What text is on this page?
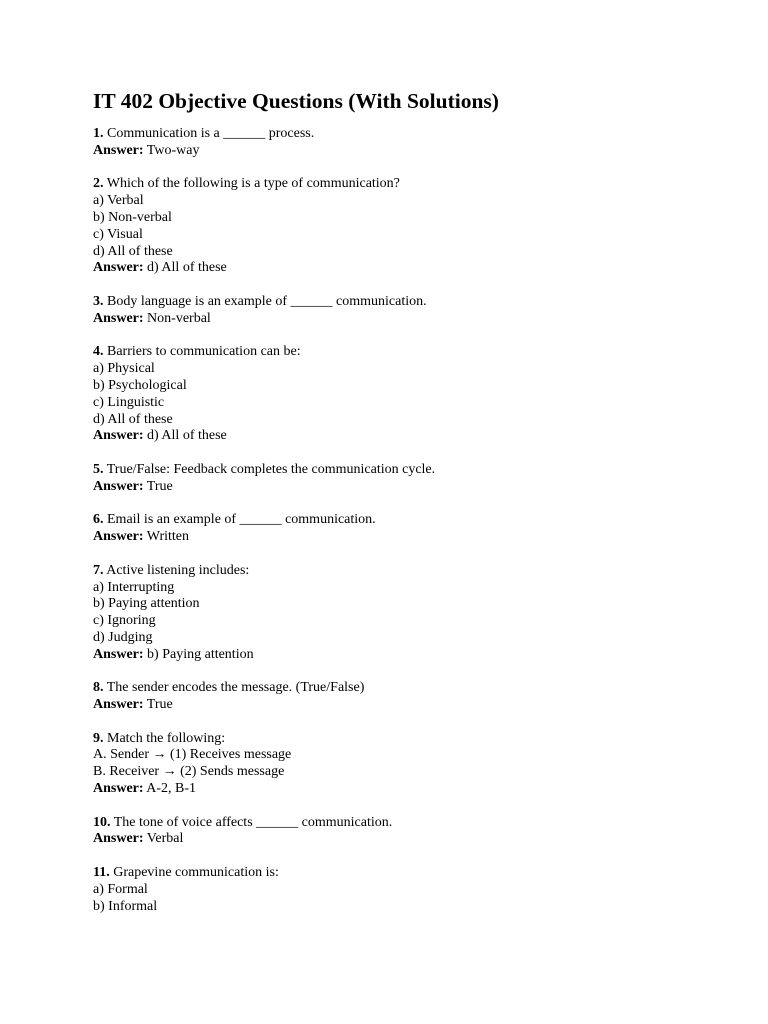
IT 402 Objective Questions (With Solutions)
1. Communication is a ______ process.
Answer: Two-way
2. Which of the following is a type of communication?
a) Verbal
b) Non-verbal
c) Visual
d) All of these
Answer: d) All of these
3. Body language is an example of ______ communication.
Answer: Non-verbal
4. Barriers to communication can be:
a) Physical
b) Psychological
c) Linguistic
d) All of these
Answer: d) All of these
5. True/False: Feedback completes the communication cycle.
Answer: True
6. Email is an example of ______ communication.
Answer: Written
7. Active listening includes:
a) Interrupting
b) Paying attention
c) Ignoring
d) Judging
Answer: b) Paying attention
8. The sender encodes the message. (True/False)
Answer: True
9. Match the following:
A. Sender → (1) Receives message
B. Receiver → (2) Sends message
Answer: A-2, B-1
10. The tone of voice affects ______ communication.
Answer: Verbal
11. Grapevine communication is:
a) Formal
b) Informal
